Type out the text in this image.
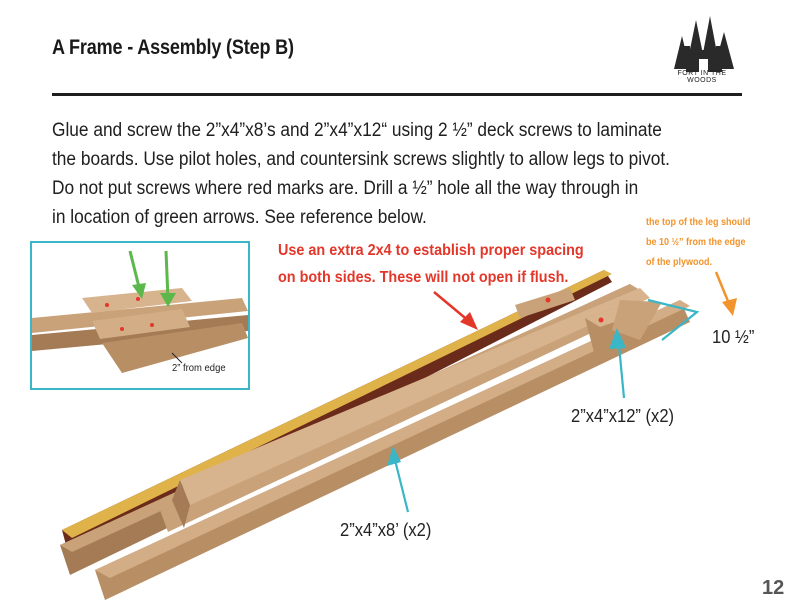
A Frame - Assembly (Step B)
FORT IN THE WOODS
Glue and screw the 2”x4”x8’s and 2”x4”x12“ using 2 ½” deck screws to laminate
the boards. Use pilot holes, and countersink screws slightly to allow legs to pivot.
Do not put screws where red marks are. Drill a ½” hole all the way through in
in location of green arrows. See reference below.
2” from edge
Use an extra 2x4 to establish proper spacing
on both sides. These will not open if flush.
the top of the leg should
be 10 ½” from the edge
of the plywood.
10 ½”
2”x4”x12” (x2)
2”x4”x8’ (x2)
12
